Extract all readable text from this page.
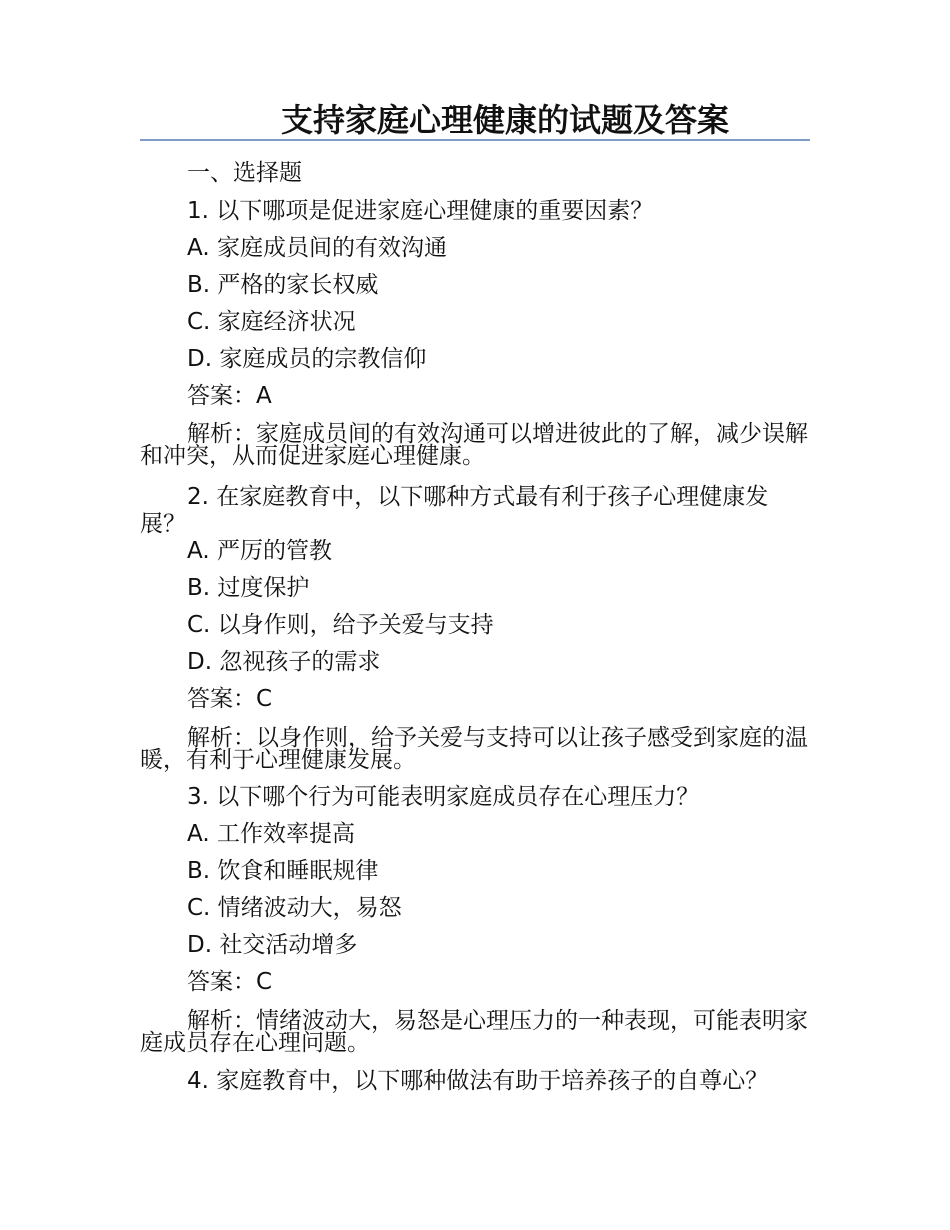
支持家庭心理健康的试题及答案
一、选择题
1. 以下哪项是促进家庭心理健康的重要因素？
A. 家庭成员间的有效沟通
B. 严格的家长权威
C. 家庭经济状况
D. 家庭成员的宗教信仰
答案：A
解析：家庭成员间的有效沟通可以增进彼此的了解，减少误解和冲突，从而促进家庭心理健康。
2. 在家庭教育中，以下哪种方式最有利于孩子心理健康发展？
A. 严厉的管教
B. 过度保护
C. 以身作则，给予关爱与支持
D. 忽视孩子的需求
答案：C
解析：以身作则，给予关爱与支持可以让孩子感受到家庭的温暖，有利于心理健康发展。
3. 以下哪个行为可能表明家庭成员存在心理压力？
A. 工作效率提高
B. 饮食和睡眠规律
C. 情绪波动大，易怒
D. 社交活动增多
答案：C
解析：情绪波动大，易怒是心理压力的一种表现，可能表明家庭成员存在心理问题。
4. 家庭教育中，以下哪种做法有助于培养孩子的自尊心？
